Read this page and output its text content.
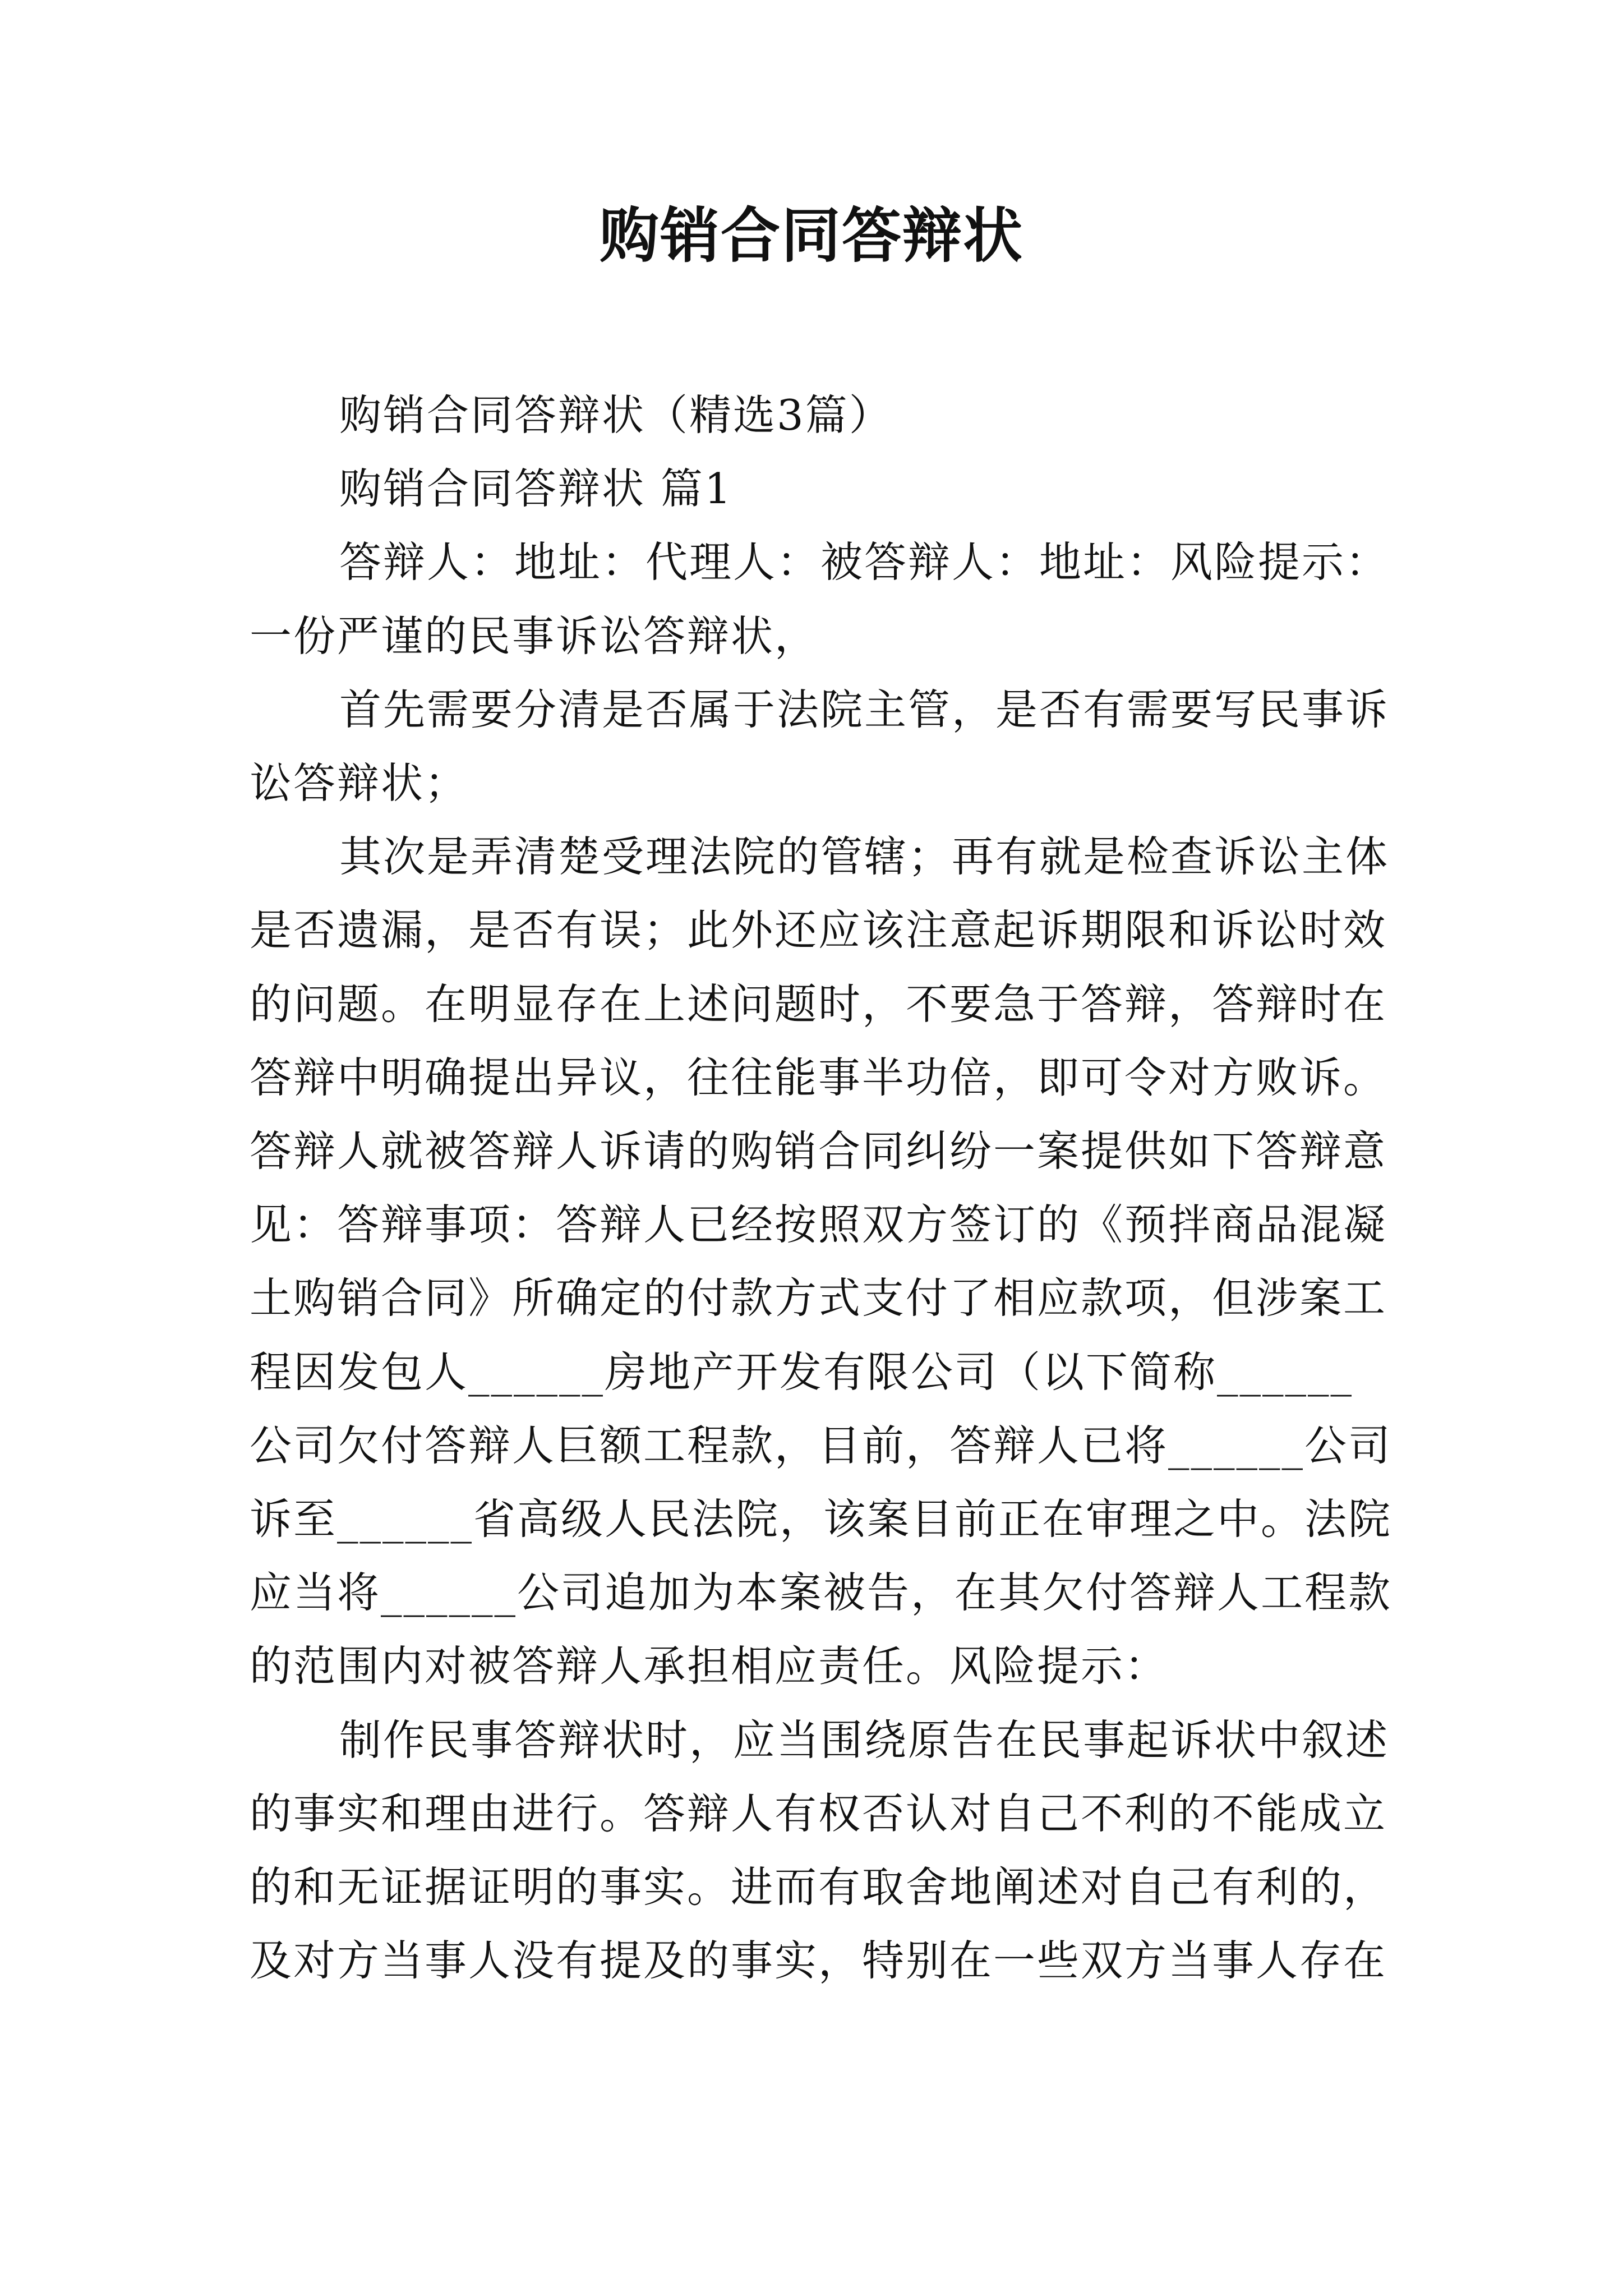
购销合同答辩状

购销合同答辩状（精选3篇）

购销合同答辩状 篇1

答辩人：地址：代理人：被答辩人：地址：风险提示：

一份严谨的民事诉讼答辩状，

首先需要分清是否属于法院主管，是否有需要写民事诉讼答辩状；

其次是弄清楚受理法院的管辖；再有就是检查诉讼主体是否遗漏，是否有误；此外还应该注意起诉期限和诉讼时效的问题。在明显存在上述问题时，不要急于答辩，答辩时在答辩中明确提出异议，往往能事半功倍，即可令对方败诉。答辩人就被答辩人诉请的购销合同纠纷一案提供如下答辩意见：答辩事项：答辩人已经按照双方签订的《预拌商品混凝土购销合同》所确定的付款方式支付了相应款项，但涉案工程因发包人______房地产开发有限公司（以下简称______公司欠付答辩人巨额工程款，目前，答辩人已将______公司诉至______省高级人民法院，该案目前正在审理之中。法院应当将______公司追加为本案被告，在其欠付答辩人工程款的范围内对被答辩人承担相应责任。风险提示：

制作民事答辩状时，应当围绕原告在民事起诉状中叙述的事实和理由进行。答辩人有权否认对自己不利的不能成立的和无证据证明的事实。进而有取舍地阐述对自己有利的，及对方当事人没有提及的事实，特别在一些双方当事人存在
